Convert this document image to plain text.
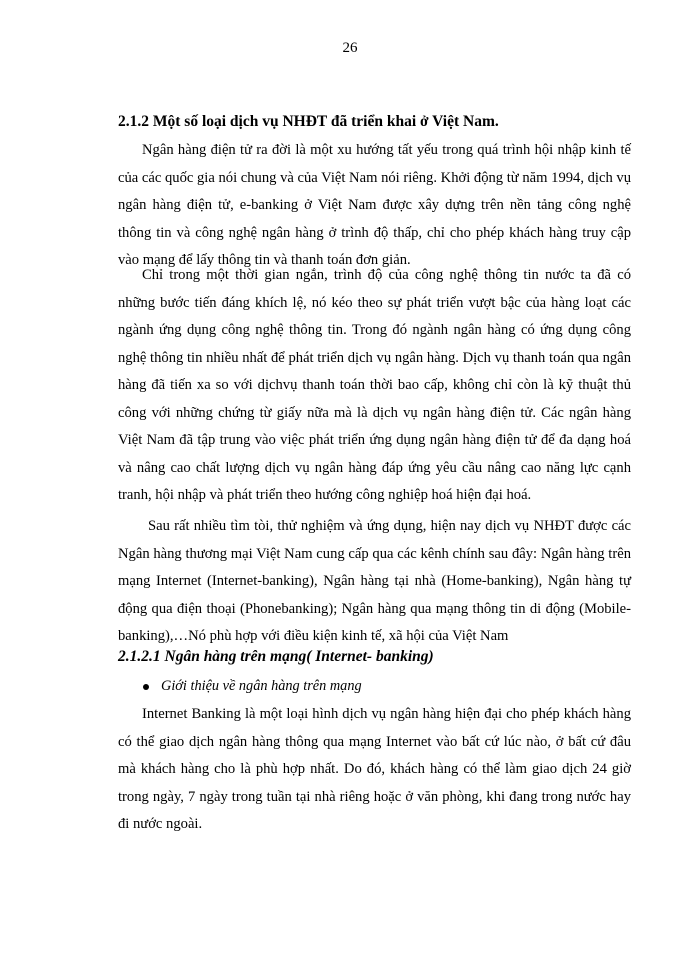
26
2.1.2 Một số loại dịch vụ NHĐT đã triển khai ở Việt Nam.

Ngân hàng điện tử ra đời là một xu hướng tất yếu trong quá trình hội nhập kinh tế của các quốc gia nói chung và của Việt Nam nói riêng. Khởi động từ năm 1994, dịch vụ ngân hàng điện tử, e-banking ở Việt Nam được xây dựng trên nền tảng công nghệ thông tin và công nghệ ngân hàng ở trình độ thấp, chỉ cho phép khách hàng truy cập vào mạng để lấy thông tin và thanh toán đơn giản.

Chỉ trong một thời gian ngắn, trình độ của công nghệ thông tin nước ta đã có những bước tiến đáng khích lệ, nó kéo theo sự phát triển vượt bậc của hàng loạt các ngành ứng dụng công nghệ thông tin. Trong đó ngành ngân hàng có ứng dụng công nghệ thông tin nhiều nhất để phát triển dịch vụ ngân hàng. Dịch vụ thanh toán qua ngân hàng đã tiến xa so với dịchvụ thanh toán thời bao cấp, không chỉ còn là kỹ thuật thủ công với những chứng từ giấy nữa mà là dịch vụ ngân hàng điện tử. Các ngân hàng Việt Nam đã tập trung vào việc phát triển ứng dụng ngân hàng điện tử để đa dạng hoá và nâng cao chất lượng dịch vụ ngân hàng đáp ứng yêu cầu nâng cao năng lực cạnh tranh, hội nhập và phát triển theo hướng công nghiệp hoá hiện đại hoá.

Sau rất nhiều tìm tòi, thử nghiệm và ứng dụng, hiện nay dịch vụ NHĐT được các Ngân hàng thương mại Việt Nam cung cấp qua các kênh chính sau đây: Ngân hàng trên mạng Internet (Internet-banking), Ngân hàng tại nhà (Home-banking), Ngân hàng tự động qua điện thoại (Phonebanking); Ngân hàng qua mạng thông tin di động (Mobile-banking),…Nó phù hợp với điều kiện kinh tế, xã hội của Việt Nam

2.1.2.1 Ngân hàng trên mạng( Internet- banking)
Giới thiệu về ngân hàng trên mạng

Internet Banking là một loại hình dịch vụ ngân hàng hiện đại cho phép khách hàng có thể giao dịch ngân hàng thông qua mạng Internet vào bất cứ lúc nào, ở bất cứ đâu mà khách hàng cho là phù hợp nhất. Do đó, khách hàng có thể làm giao dịch 24 giờ trong ngày, 7 ngày trong tuần tại nhà riêng hoặc ở văn phòng, khi đang trong nước hay đi nước ngoài.
